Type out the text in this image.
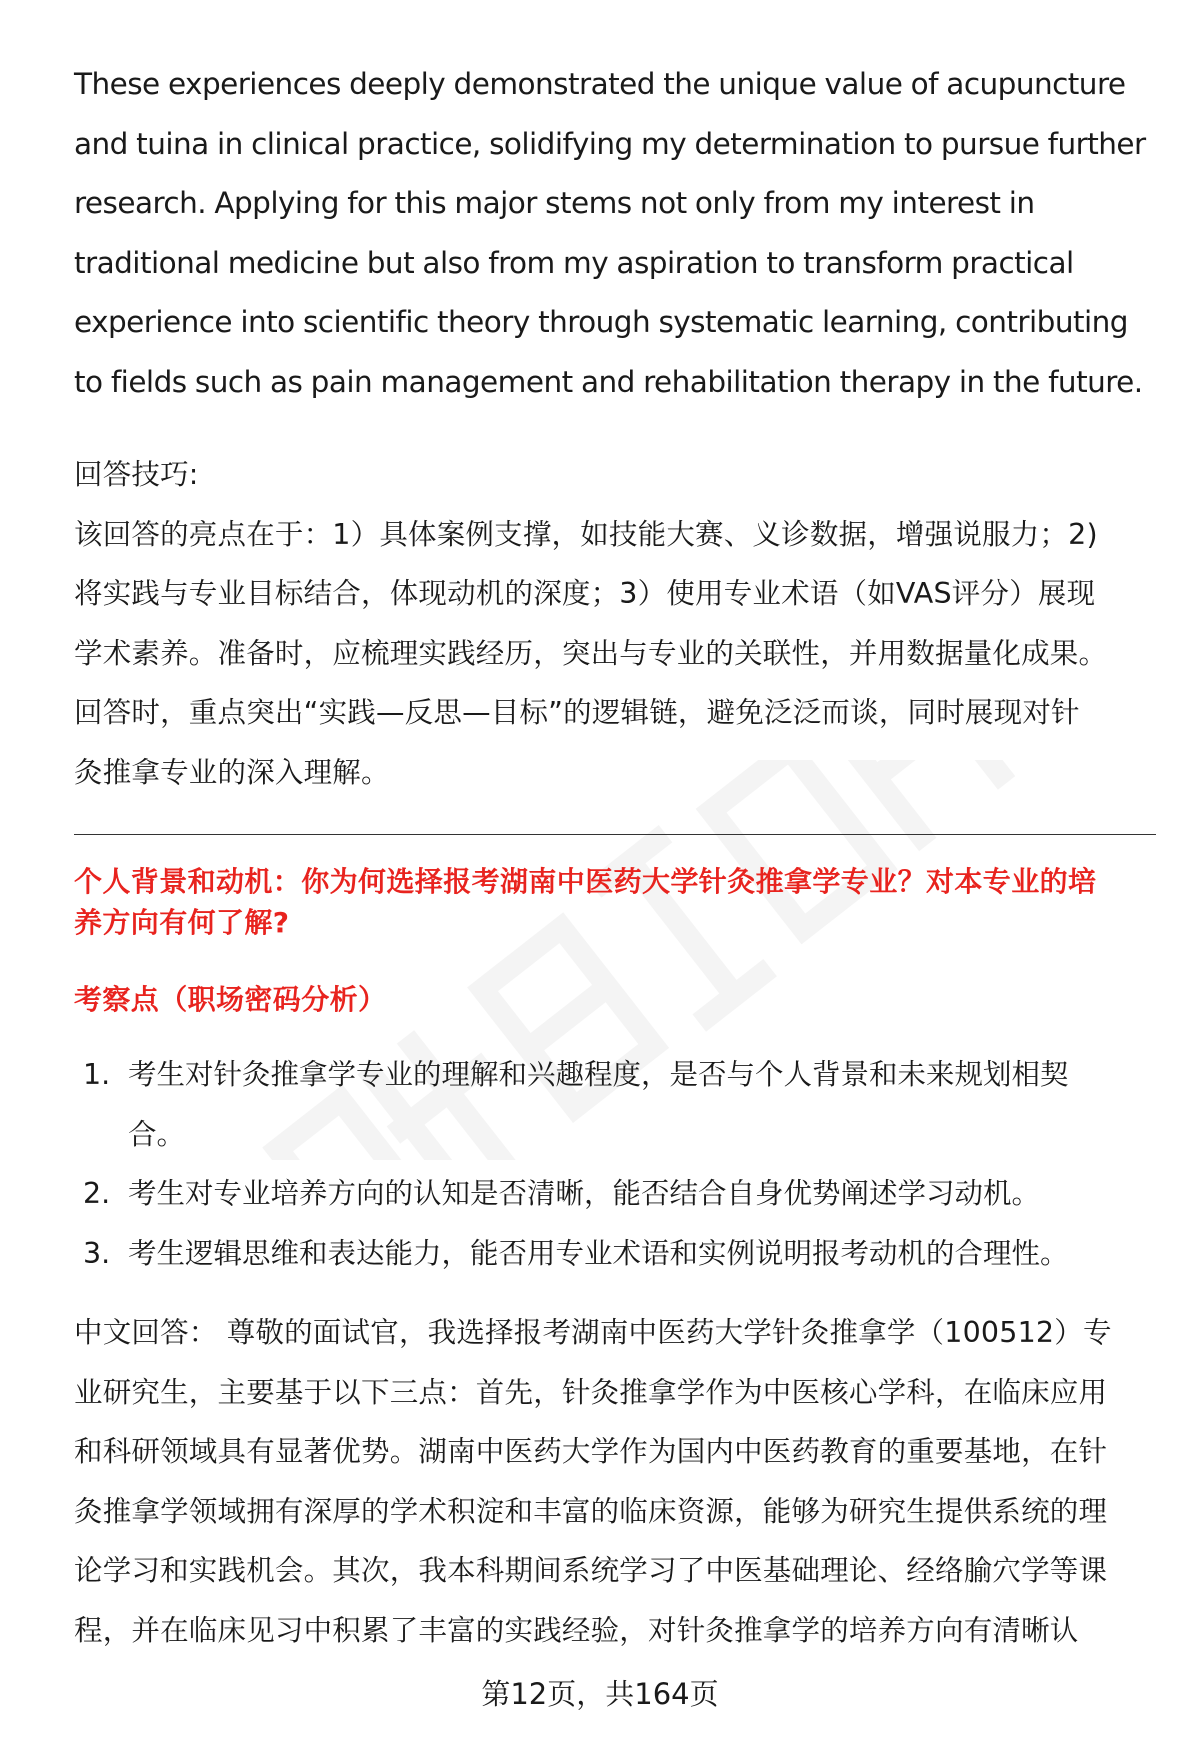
These experiences deeply demonstrated the unique value of acupuncture

and tuina in clinical practice, solidifying my determination to pursue further

research. Applying for this major stems not only from my interest in

traditional medicine but also from my aspiration to transform practical

experience into scientific theory through systematic learning, contributing

to fields such as pain management and rehabilitation therapy in the future.

回答技巧:

该回答的亮点在于：1）具体案例支撑，如技能大赛、义诊数据，增强说服力；2)

将实践与专业目标结合，体现动机的深度；3）使用专业术语（如VAS评分）展现

学术素养。准备时，应梳理实践经历，突出与专业的关联性，并用数据量化成果。

回答时，重点突出“实践—反思—目标”的逻辑链，避免泛泛而谈，同时展现对针

灸推拿专业的深入理解。

个人背景和动机：你为何选择报考湖南中医药大学针灸推拿学专业？对本专业的培
养方向有何了解?
考察点（职场密码分析）
1. 考生对针灸推拿学专业的理解和兴趣程度，是否与个人背景和未来规划相契
合。
2. 考生对专业培养方向的认知是否清晰，能否结合自身优势阐述学习动机。
3. 考生逻辑思维和表达能力，能否用专业术语和实例说明报考动机的合理性。

中文回答： 尊敬的面试官，我选择报考湖南中医药大学针灸推拿学（100512）专

业研究生，主要基于以下三点：首先，针灸推拿学作为中医核心学科，在临床应用

和科研领域具有显著优势。湖南中医药大学作为国内中医药教育的重要基地，在针

灸推拿学领域拥有深厚的学术积淀和丰富的临床资源，能够为研究生提供系统的理

论学习和实践机会。其次，我本科期间系统学习了中医基础理论、经络腧穴学等课

程，并在临床见习中积累了丰富的实践经验，对针灸推拿学的培养方向有清晰认

第12页，共164页
